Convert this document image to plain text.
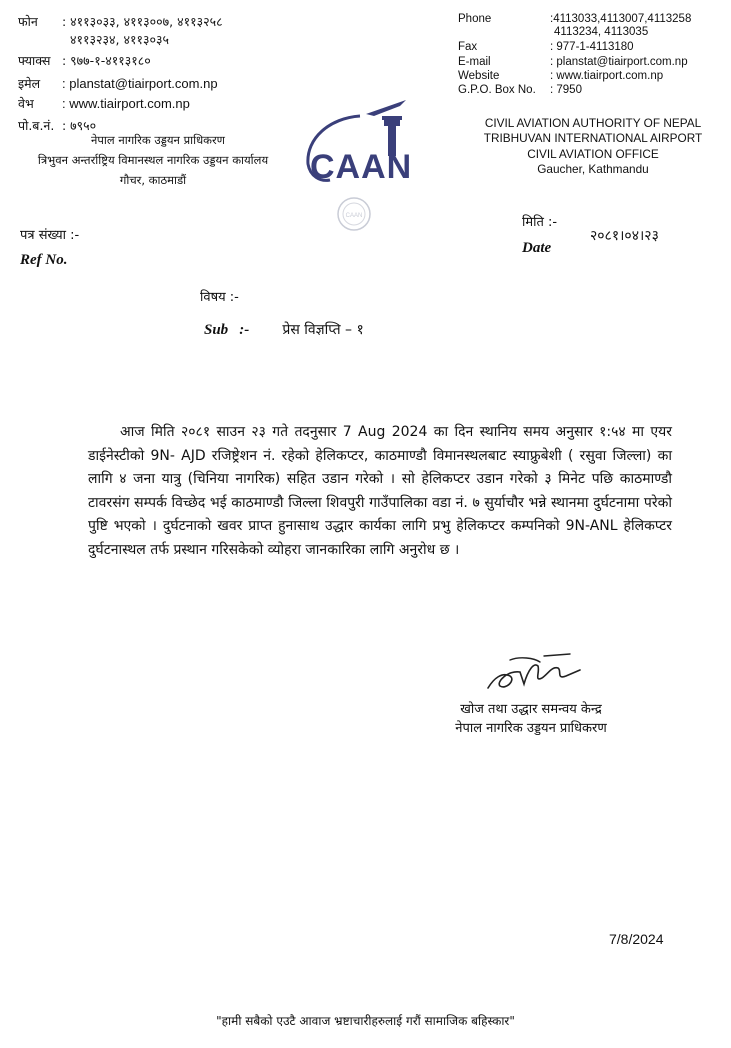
फोन : ४११३०३३, ४११३००७, ४११३२५८
४११३२३४, ४११३०३५
फ्याक्स : ९७७-१-४११३१८०
इमेल : planstat@tiairport.com.np
वेभ : www.tiairport.com.np
पो.ब.नं. : ७९५०
नेपाल नागरिक उड्डयन प्राधिकरण
त्रिभुवन अन्तर्राष्ट्रिय विमानस्थल नागरिक उड्डयन कार्यालय
गौचर, काठमाडौं
CAAN
CAAN
Phone	:4113033,4113007,4113258
4113234, 4113035
Fax	: 977-1-4113180
E-mail	: planstat@tiairport.com.np
Website	: www.tiairport.com.np
G.P.O. Box No. : 7950
CIVIL AVIATION AUTHORITY OF NEPAL
TRIBHUVAN INTERNATIONAL AIRPORT
CIVIL AVIATION OFFICE
Gaucher, Kathmandu
पत्र संख्या :-
Ref No.
मिति :-
Date
२०८१।०४।२३
विषय :-
Sub :- प्रेस विज्ञप्ति – १
आज मिति २०८१ साउन २३ गते तदनुसार 7 Aug 2024 का दिन स्थानिय समय अनुसार १:५४ मा एयर डाईनेस्टीको 9N- AJD रजिष्ट्रेशन नं. रहेको हेलिकप्टर, काठमाण्डौ विमानस्थलबाट स्याफ्रुबेशी ( रसुवा जिल्ला) का लागि ४ जना यात्रु (चिनिया नागरिक) सहित उडान गरेको । सो हेलिकप्टर उडान गरेको ३ मिनेट पछि काठमाण्डौ टावरसंग सम्पर्क विच्छेद भई काठमाण्डौ जिल्ला शिवपुरी गाउँपालिका वडा नं. ७ सुर्याचौर भन्ने स्थानमा दुर्घटनामा परेको पुष्टि भएको । दुर्घटनाको खवर प्राप्त हुनासाथ उद्धार कार्यका लागि प्रभु हेलिकप्टर कम्पनिको 9N-ANL हेलिकप्टर दुर्घटनास्थल तर्फ प्रस्थान गरिसकेको व्योहरा जानकारिका लागि अनुरोध छ ।
खोज तथा उद्धार समन्वय केन्द्र
नेपाल नागरिक उड्डयन प्राधिकरण
7/8/2024
"हामी सबैको एउटै आवाज भ्रष्टाचारीहरुलाई गरौं सामाजिक बहिस्कार"
